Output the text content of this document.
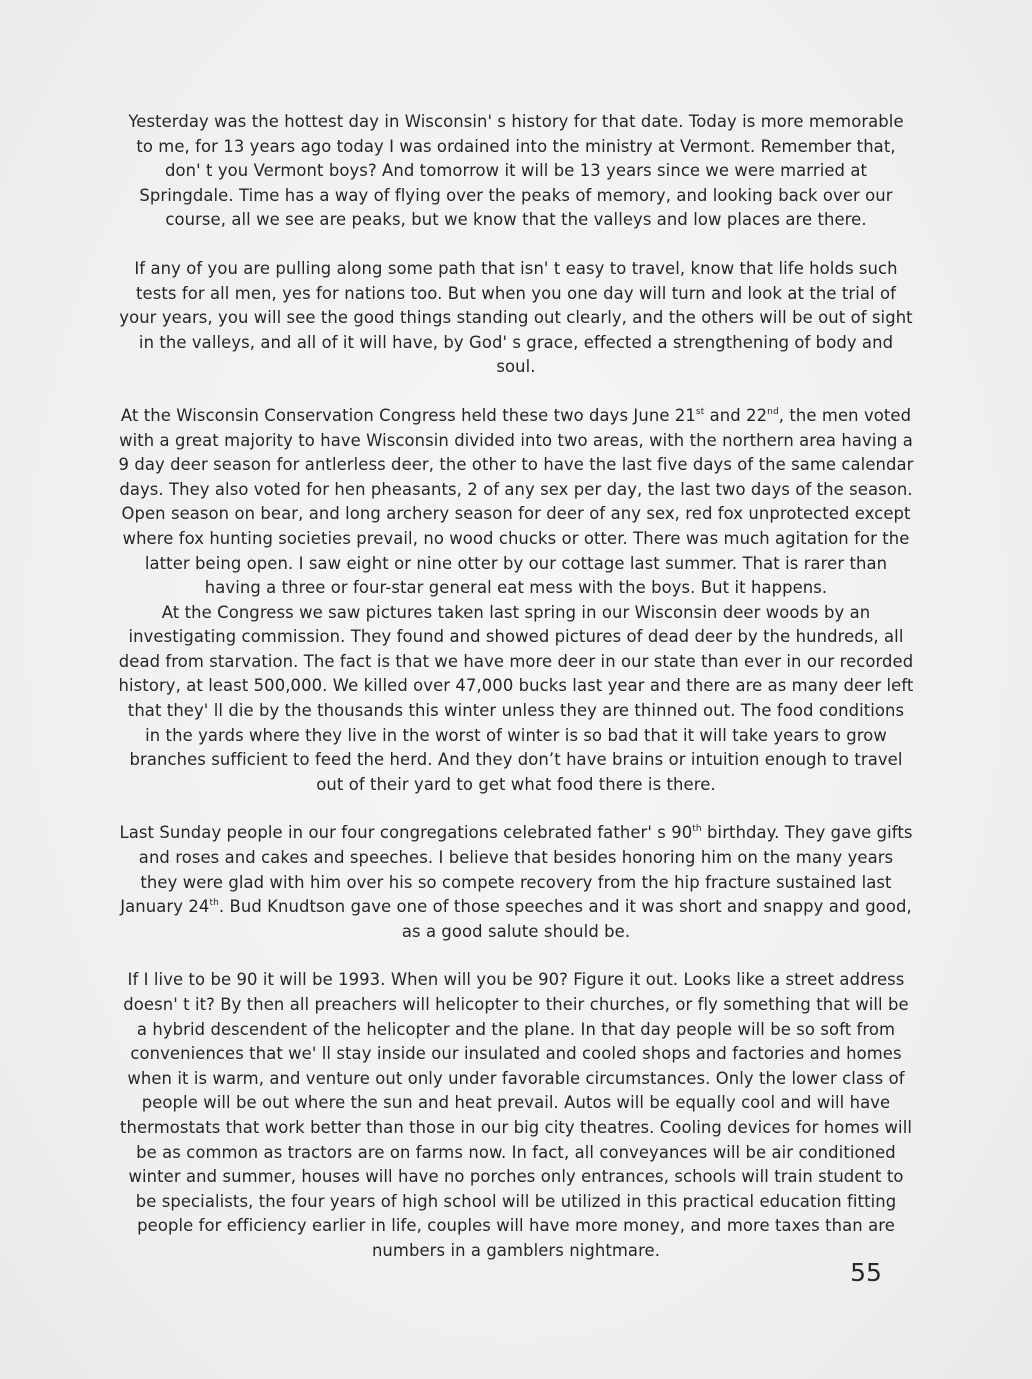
Yesterday was the hottest day in Wisconsin' s history for that date. Today is more memorable to me, for 13 years ago today I was ordained into the ministry at Vermont. Remember that, don' t you Vermont boys? And tomorrow it will be 13 years since we were married at Springdale. Time has a way of flying over the peaks of memory, and looking back over our course, all we see are peaks, but we know that the valleys and low places are there.

If any of you are pulling along some path that isn' t easy to travel, know that life holds such tests for all men, yes for nations too. But when you one day will turn and look at the trial of your years, you will see the good things standing out clearly, and the others will be out of sight in the valleys, and all of it will have, by God' s grace, effected a strengthening of body and soul.

At the Wisconsin Conservation Congress held these two days June 21st and 22nd, the men voted with a great majority to have Wisconsin divided into two areas, with the northern area having a 9 day deer season for antlerless deer, the other to have the last five days of the same calendar days. They also voted for hen pheasants, 2 of any sex per day, the last two days of the season. Open season on bear, and long archery season for deer of any sex, red fox unprotected except where fox hunting societies prevail, no wood chucks or otter. There was much agitation for the latter being open. I saw eight or nine otter by our cottage last summer. That is rarer than having a three or four-star general eat mess with the boys. But it happens.
At the Congress we saw pictures taken last spring in our Wisconsin deer woods by an investigating commission. They found and showed pictures of dead deer by the hundreds, all dead from starvation. The fact is that we have more deer in our state than ever in our recorded history, at least 500,000. We killed over 47,000 bucks last year and there are as many deer left that they' ll die by the thousands this winter unless they are thinned out. The food conditions in the yards where they live in the worst of winter is so bad that it will take years to grow branches sufficient to feed the herd. And they don’t have brains or intuition enough to travel out of their yard to get what food there is there.

Last Sunday people in our four congregations celebrated father' s 90th birthday. They gave gifts and roses and cakes and speeches. I believe that besides honoring him on the many years they were glad with him over his so compete recovery from the hip fracture sustained last January 24th. Bud Knudtson gave one of those speeches and it was short and snappy and good, as a good salute should be.

If I live to be 90 it will be 1993. When will you be 90? Figure it out. Looks like a street address doesn' t it? By then all preachers will helicopter to their churches, or fly something that will be a hybrid descendent of the helicopter and the plane. In that day people will be so soft from conveniences that we' ll stay inside our insulated and cooled shops and factories and homes when it is warm, and venture out only under favorable circumstances. Only the lower class of people will be out where the sun and heat prevail. Autos will be equally cool and will have thermostats that work better than those in our big city theatres. Cooling devices for homes will be as common as tractors are on farms now. In fact, all conveyances will be air conditioned winter and summer, houses will have no porches only entrances, schools will train student to be specialists, the four years of high school will be utilized in this practical education fitting people for efficiency earlier in life, couples will have more money, and more taxes than are numbers in a gamblers nightmare.

55
